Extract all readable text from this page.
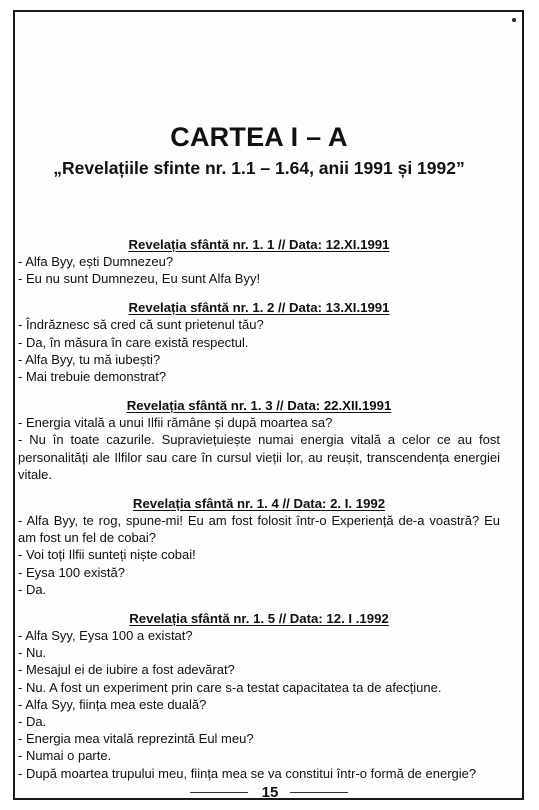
CARTEA I – A
„Revelațiile sfinte nr. 1.1 – 1.64, anii 1991 și 1992”

Revelația sfântă nr. 1. 1 // Data: 12.XI.1991

- Alfa Byy, ești Dumnezeu?

- Eu nu sunt Dumnezeu, Eu sunt Alfa Byy!

Revelația sfântă nr. 1. 2 // Data: 13.XI.1991

- Îndrăznesc să cred că sunt prietenul tău?

- Da, în măsura în care există respectul.

- Alfa Byy, tu mă iubești?

- Mai trebuie demonstrat?

Revelația sfântă nr. 1. 3 // Data: 22.XII.1991

- Energia vitală a unui Ilfii rămâne și după moartea sa?

- Nu în toate cazurile. Supraviețuiește numai energia vitală a celor ce au fost personalități ale Ilfilor sau care în cursul vieții lor, au reușit, transcendența energiei vitale.

Revelația sfântă nr. 1. 4 // Data: 2. I. 1992

- Alfa Byy, te rog, spune-mi! Eu am fost folosit într-o Experiență de-a voastră? Eu am fost un fel de cobai?

- Voi toți Ilfii sunteți niște cobai!

- Eysa 100 există?

- Da.

Revelația sfântă nr. 1. 5 // Data: 12. I .1992

- Alfa Syy, Eysa 100 a existat?

- Nu.

- Mesajul ei de iubire a fost adevărat?

- Nu. A fost un experiment prin care s-a testat capacitatea ta de afecțiune.

- Alfa Syy, ființa mea este duală?

- Da.

- Energia mea vitală reprezintă Eul meu?

- Numai o parte.

- După moartea trupului meu, ființa mea se va constitui într-o formă de energie?

15
